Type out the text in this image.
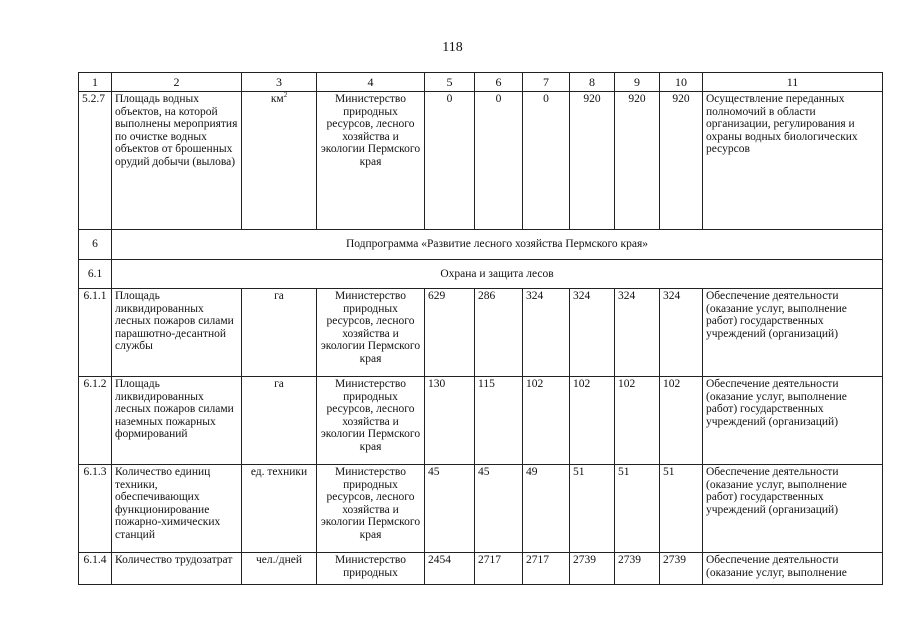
118
1	2	3	4	5	6	7	8	9	10	11
5.2.7	Площадь водных объектов, на которой выполнены мероприятия по очистке водных объектов от брошенных орудий добычи (вылова)	$км^2$	Министерство природных ресурсов, лесного хозяйства и экологии Пермского края	0	0	0	920	920	920	Осуществление переданных полномочий в области организации, регулирования и охраны водных биологических ресурсов
6	Подпрограмма «Развитие лесного хозяйства Пермского края»									
6.1	Охрана и защита лесов									
6.1.1	Площадь ликвидированных лесных пожаров силами парашютно-десантной службы	га	Министерство природных ресурсов, лесного хозяйства и экологии Пермского края	629	286	324	324	324	324	Обеспечение деятельности (оказание услуг, выполнение работ) государственных учреждений (организаций)
6.1.2	Площадь ликвидированных лесных пожаров силами наземных пожарных формирований	га	Министерство природных ресурсов, лесного хозяйства и экологии Пермского края	130	115	102	102	102	102	Обеспечение деятельности (оказание услуг, выполнение работ) государственных учреждений (организаций)
6.1.3	Количество единиц техники, обеспечивающих функционирование пожарно-химических станций	ед. техники	Министерство природных ресурсов, лесного хозяйства и экологии Пермского края	45	45	49	51	51	51	Обеспечение деятельности (оказание услуг, выполнение работ) государственных учреждений (организаций)
6.1.4	Количество трудозатрат	чел./дней	Министерство природных	2454	2717	2717	2739	2739	2739	Обеспечение деятельности (оказание услуг, выполнение
